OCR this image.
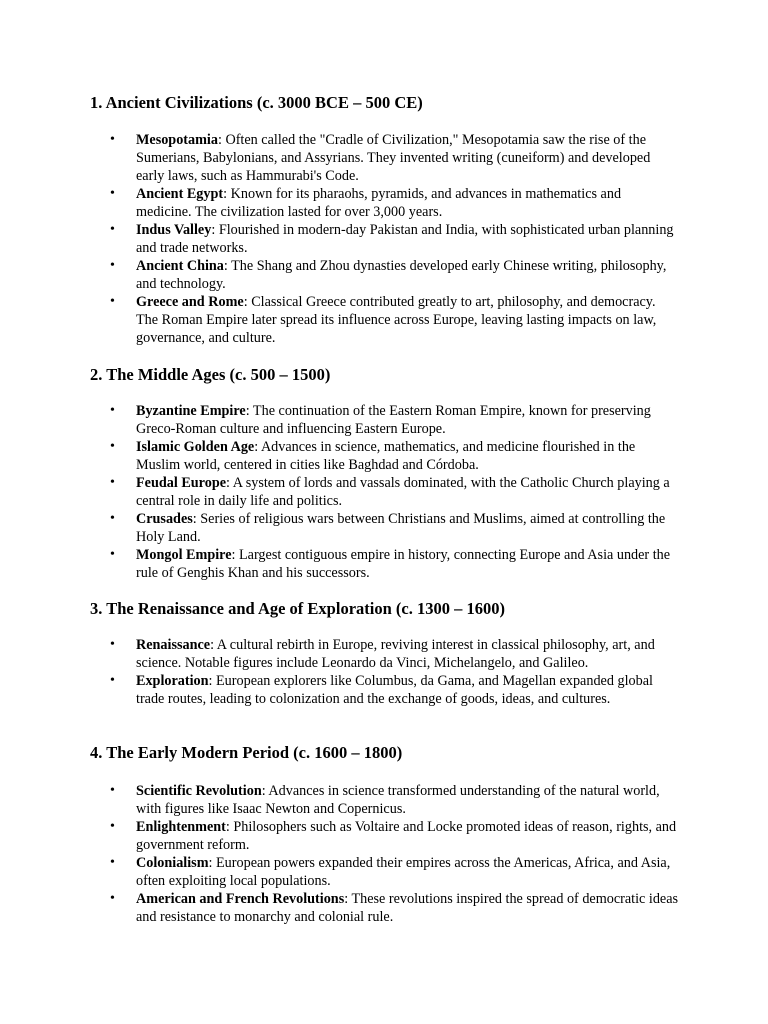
1. Ancient Civilizations (c. 3000 BCE – 500 CE)
• Mesopotamia: Often called the "Cradle of Civilization," Mesopotamia saw the rise of the Sumerians, Babylonians, and Assyrians. They invented writing (cuneiform) and developed early laws, such as Hammurabi's Code.
• Ancient Egypt: Known for its pharaohs, pyramids, and advances in mathematics and medicine. The civilization lasted for over 3,000 years.
• Indus Valley: Flourished in modern-day Pakistan and India, with sophisticated urban planning and trade networks.
• Ancient China: The Shang and Zhou dynasties developed early Chinese writing, philosophy, and technology.
• Greece and Rome: Classical Greece contributed greatly to art, philosophy, and democracy. The Roman Empire later spread its influence across Europe, leaving lasting impacts on law, governance, and culture.
2. The Middle Ages (c. 500 – 1500)
• Byzantine Empire: The continuation of the Eastern Roman Empire, known for preserving Greco-Roman culture and influencing Eastern Europe.
• Islamic Golden Age: Advances in science, mathematics, and medicine flourished in the Muslim world, centered in cities like Baghdad and Córdoba.
• Feudal Europe: A system of lords and vassals dominated, with the Catholic Church playing a central role in daily life and politics.
• Crusades: Series of religious wars between Christians and Muslims, aimed at controlling the Holy Land.
• Mongol Empire: Largest contiguous empire in history, connecting Europe and Asia under the rule of Genghis Khan and his successors.
3. The Renaissance and Age of Exploration (c. 1300 – 1600)
• Renaissance: A cultural rebirth in Europe, reviving interest in classical philosophy, art, and science. Notable figures include Leonardo da Vinci, Michelangelo, and Galileo.
• Exploration: European explorers like Columbus, da Gama, and Magellan expanded global trade routes, leading to colonization and the exchange of goods, ideas, and cultures.
4. The Early Modern Period (c. 1600 – 1800)
• Scientific Revolution: Advances in science transformed understanding of the natural world, with figures like Isaac Newton and Copernicus.
• Enlightenment: Philosophers such as Voltaire and Locke promoted ideas of reason, rights, and government reform.
• Colonialism: European powers expanded their empires across the Americas, Africa, and Asia, often exploiting local populations.
• American and French Revolutions: These revolutions inspired the spread of democratic ideas and resistance to monarchy and colonial rule.
